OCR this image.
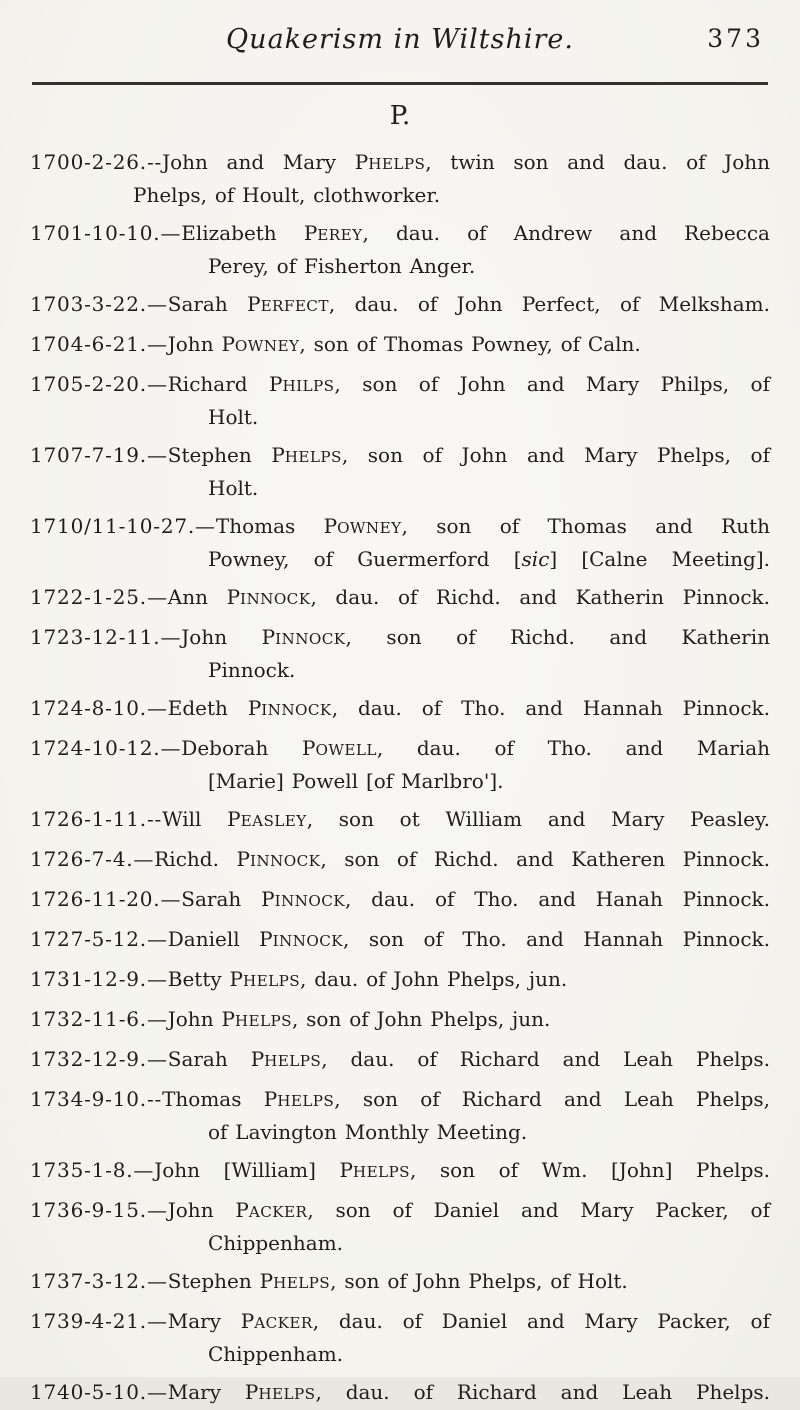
Quakerism in Wiltshire.	373
P.
1700-2-26.--John and Mary PHELPS, twin son and dau. of John
Phelps, of Hoult, clothworker.
1701-10-10.—Elizabeth PEREY, dau. of Andrew and Rebecca
Perey, of Fisherton Anger.
1703-3-22.—Sarah PERFECT, dau. of John Perfect, of Melksham.
1704-6-21.—John POWNEY, son of Thomas Powney, of Caln.
1705-2-20.—Richard PHILPS, son of John and Mary Philps, of
Holt.
1707-7-19.—Stephen PHELPS, son of John and Mary Phelps, of
Holt.
1710/11-10-27.—Thomas POWNEY, son of Thomas and Ruth
Powney, of Guermerford [sic] [Calne Meeting].
1722-1-25.—Ann PINNOCK, dau. of Richd. and Katherin Pinnock.
1723-12-11.—John PINNOCK, son of Richd. and Katherin
Pinnock.
1724-8-10.—Edeth PINNOCK, dau. of Tho. and Hannah Pinnock.
1724-10-12.—Deborah POWELL, dau. of Tho. and Mariah
[Marie] Powell [of Marlbro'].
1726-1-11.--Will PEASLEY, son ot William and Mary Peasley.
1726-7-4.—Richd. PINNOCK, son of Richd. and Katheren Pinnock.
1726-11-20.—Sarah PINNOCK, dau. of Tho. and Hanah Pinnock.
1727-5-12.—Daniell PINNOCK, son of Tho. and Hannah Pinnock.
1731-12-9.—Betty PHELPS, dau. of John Phelps, jun.
1732-11-6.—John PHELPS, son of John Phelps, jun.
1732-12-9.—Sarah PHELPS, dau. of Richard and Leah Phelps.
1734-9-10.--Thomas PHELPS, son of Richard and Leah Phelps,
of Lavington Monthly Meeting.
1735-1-8.—John [William] PHELPS, son of Wm. [John] Phelps.
1736-9-15.—John PACKER, son of Daniel and Mary Packer, of
Chippenham.
1737-3-12.—Stephen PHELPS, son of John Phelps, of Holt.
1739-4-21.—Mary PACKER, dau. of Daniel and Mary Packer, of
Chippenham.
1740-5-10.—Mary PHELPS, dau. of Richard and Leah Phelps.
